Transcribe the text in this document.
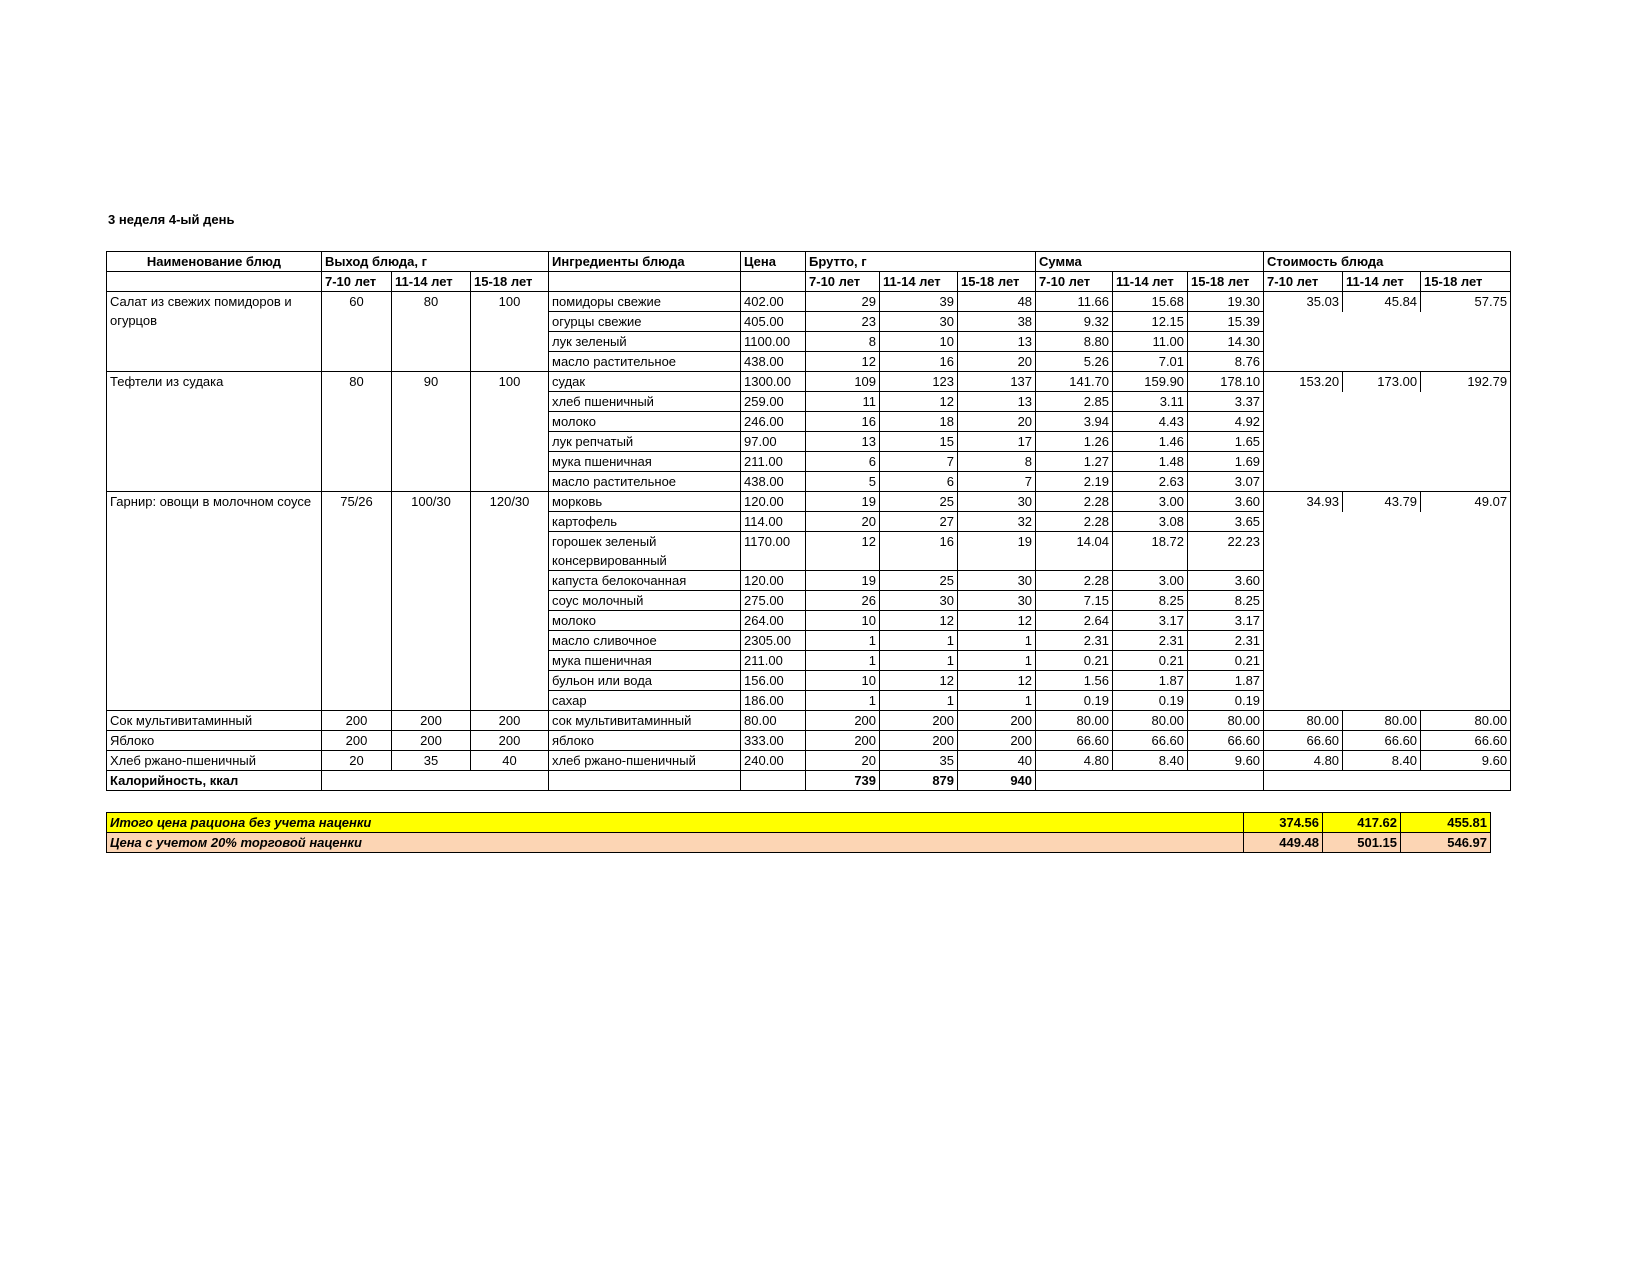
3 неделя 4-ый день
Наименование блюд	Выход блюда, г			Ингредиенты блюда	Цена	Брутто, г			Сумма			Стоимость блюда		
	7-10 лет	11-14 лет	15-18 лет			7-10 лет	11-14 лет	15-18 лет	7-10 лет	11-14 лет	15-18 лет	7-10 лет	11-14 лет	15-18 лет
Салат из свежих помидоров и огурцов	60	80	100	помидоры свежие	402.00	29	39	48	11.66	15.68	19.30	35.03	45.84	57.75
				огурцы свежие	405.00	23	30	38	9.32	12.15	15.39			
				лук зеленый	1100.00	8	10	13	8.80	11.00	14.30			
				масло растительное	438.00	12	16	20	5.26	7.01	8.76			
Тефтели из судака	80	90	100	судак	1300.00	109	123	137	141.70	159.90	178.10	153.20	173.00	192.79
				хлеб пшеничный	259.00	11	12	13	2.85	3.11	3.37			
				молоко	246.00	16	18	20	3.94	4.43	4.92			
				лук репчатый	97.00	13	15	17	1.26	1.46	1.65			
				мука пшеничная	211.00	6	7	8	1.27	1.48	1.69			
				масло растительное	438.00	5	6	7	2.19	2.63	3.07			
Гарнир: овощи в молочном соусе	75/26	100/30	120/30	морковь	120.00	19	25	30	2.28	3.00	3.60	34.93	43.79	49.07
				картофель	114.00	20	27	32	2.28	3.08	3.65			
				горошек зеленый консервированный	1170.00	12	16	19	14.04	18.72	22.23			
				капуста белокочанная	120.00	19	25	30	2.28	3.00	3.60			
				соус молочный	275.00	26	30	30	7.15	8.25	8.25			
				молоко	264.00	10	12	12	2.64	3.17	3.17			
				масло сливочное	2305.00	1	1	1	2.31	2.31	2.31			
				мука пшеничная	211.00	1	1	1	0.21	0.21	0.21			
				бульон или вода	156.00	10	12	12	1.56	1.87	1.87			
				сахар	186.00	1	1	1	0.19	0.19	0.19			
Сок мультивитаминный	200	200	200	сок мультивитаминный	80.00	200	200	200	80.00	80.00	80.00	80.00	80.00	80.00
Яблоко	200	200	200	яблоко	333.00	200	200	200	66.60	66.60	66.60	66.60	66.60	66.60
Хлеб ржано-пшеничный	20	35	40	хлеб ржано-пшеничный	240.00	20	35	40	4.80	8.40	9.60	4.80	8.40	9.60
Калорийность, ккал						739	879	940						
Итого цена рациона без учета наценки	374.56	417.62	455.81
Цена с учетом 20% торговой наценки	449.48	501.15	546.97
